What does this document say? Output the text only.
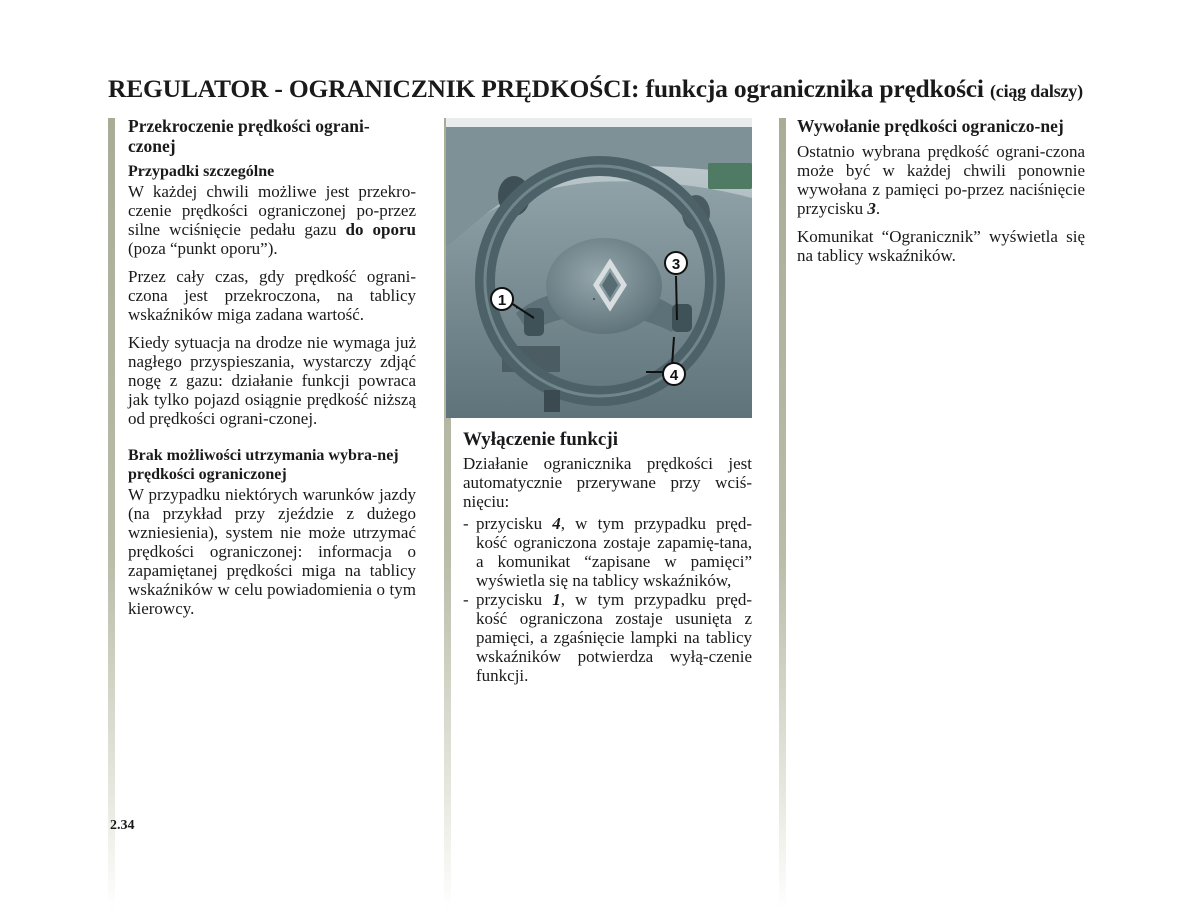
REGULATOR - OGRANICZNIK PRĘDKOŚCI: funkcja ogranicznika prędkości (ciąg dalszy)
Przekroczenie prędkości ograni-czonej
Przypadki szczególne

W każdej chwili możliwe jest przekro-czenie prędkości ograniczonej po-przez silne wciśnięcie pedału gazu do oporu (poza “punkt oporu”).

Przez cały czas, gdy prędkość ograni-czona jest przekroczona, na tablicy wskaźników miga zadana wartość.

Kiedy sytuacja na drodze nie wymaga już nagłego przyspieszania, wystarczy zdjąć nogę z gazu: działanie funkcji powraca jak tylko pojazd osiągnie prędkość niższą od prędkości ograni-czonej.

Brak możliwości utrzymania wybra-nej prędkości ograniczonej

W przypadku niektórych warunków jazdy (na przykład przy zjeździe z dużego wzniesienia), system nie może utrzymać prędkości ograniczonej: informacja o zapamiętanej prędkości miga na tablicy wskaźników w celu powiadomienia o tym kierowcy.

1
3
4
Wyłączenie funkcji

Działanie ogranicznika prędkości jest automatycznie przerywane przy wciś-nięciu:

- przycisku 4, w tym przypadku pręd-kość ograniczona zostaje zapamię-tana, a komunikat “zapisane w pamięci” wyświetla się na tablicy wskaźników,
- przycisku 1, w tym przypadku pręd-kość ograniczona zostaje usunięta z pamięci, a zgaśnięcie lampki na tablicy wskaźników potwierdza wyłą-czenie funkcji.
Wywołanie prędkości ograniczo-nej

Ostatnio wybrana prędkość ograni-czona może być w każdej chwili ponownie wywołana z pamięci po-przez naciśnięcie przycisku 3.

Komunikat “Ogranicznik” wyświetla się na tablicy wskaźników.

2.34
